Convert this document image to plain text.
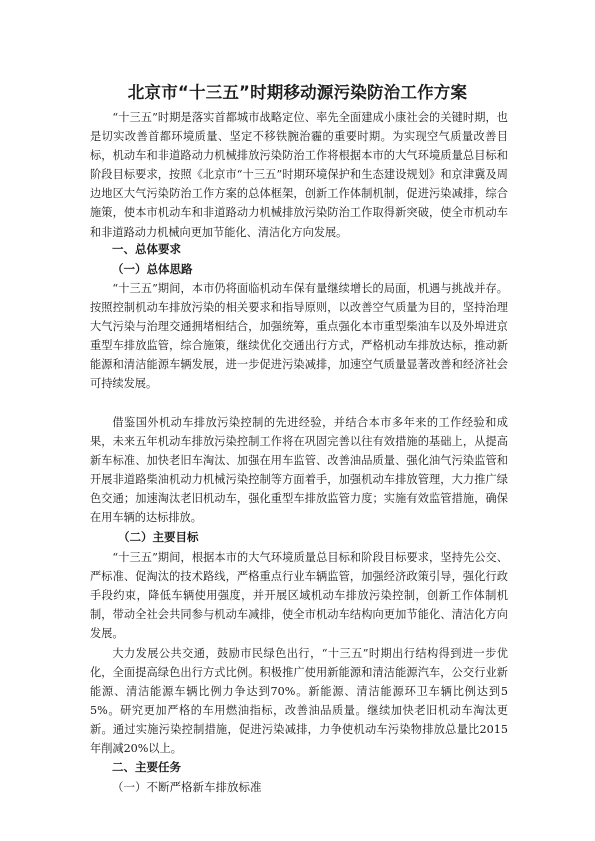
北京市“十三五”时期移动源污染防治工作方案
“十三五”时期是落实首都城市战略定位、率先全面建成小康社会的关键时期，也是切实改善首都环境质量、坚定不移铁腕治霾的重要时期。为实现空气质量改善目标，机动车和非道路动力机械排放污染防治工作将根据本市的大气环境质量总目标和阶段目标要求，按照《北京市“十三五”时期环境保护和生态建设规划》和京津冀及周边地区大气污染防治工作方案的总体框架，创新工作体制机制，促进污染减排，综合施策，使本市机动车和非道路动力机械排放污染防治工作取得新突破，使全市机动车和非道路动力机械向更加节能化、清洁化方向发展。
一、总体要求
（一）总体思路
“十三五”期间，本市仍将面临机动车保有量继续增长的局面，机遇与挑战并存。按照控制机动车排放污染的相关要求和指导原则，以改善空气质量为目的，坚持治理大气污染与治理交通拥堵相结合，加强统筹，重点强化本市重型柴油车以及外埠进京重型车排放监管，综合施策，继续优化交通出行方式，严格机动车排放达标，推动新能源和清洁能源车辆发展，进一步促进污染减排，加速空气质量显著改善和经济社会可持续发展。
借鉴国外机动车排放污染控制的先进经验，并结合本市多年来的工作经验和成果，未来五年机动车排放污染控制工作将在巩固完善以往有效措施的基础上，从提高新车标准、加快老旧车淘汰、加强在用车监管、改善油品质量、强化油气污染监管和开展非道路柴油机动力机械污染控制等方面着手，加强机动车排放管理，大力推广绿色交通；加速淘汰老旧机动车，强化重型车排放监管力度；实施有效监管措施，确保在用车辆的达标排放。
（二）主要目标
“十三五”期间，根据本市的大气环境质量总目标和阶段目标要求，坚持先公交、严标准、促淘汰的技术路线，严格重点行业车辆监管，加强经济政策引导，强化行政手段约束，降低车辆使用强度，并开展区域机动车排放污染控制，创新工作体制机制，带动全社会共同参与机动车减排，使全市机动车结构向更加节能化、清洁化方向发展。
大力发展公共交通，鼓励市民绿色出行，“十三五”时期出行结构得到进一步优化，全面提高绿色出行方式比例。积极推广使用新能源和清洁能源汽车，公交行业新能源、清洁能源车辆比例力争达到70%。新能源、清洁能源环卫车辆比例达到55%。研究更加严格的车用燃油指标，改善油品质量。继续加快老旧机动车淘汰更新。通过实施污染控制措施，促进污染减排，力争使机动车污染物排放总量比2015年削减20%以上。
二、主要任务
（一）不断严格新车排放标准
